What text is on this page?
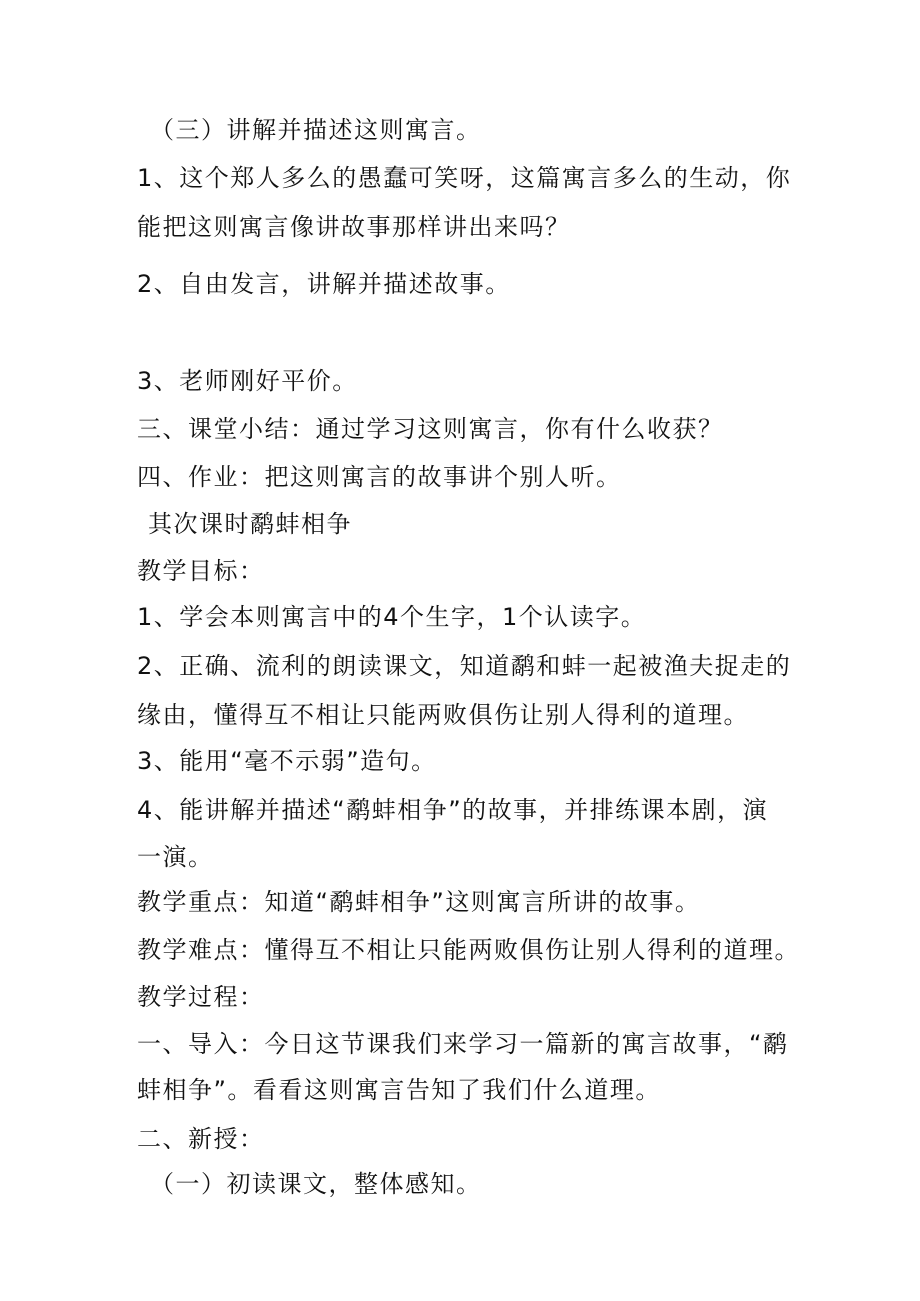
（三）讲解并描述这则寓言。
1、这个郑人多么的愚蠢可笑呀，这篇寓言多么的生动，你
能把这则寓言像讲故事那样讲出来吗？
2、自由发言，讲解并描述故事。
3、老师刚好平价。
三、课堂小结：通过学习这则寓言，你有什么收获？
四、作业：把这则寓言的故事讲个别人听。
其次课时鹬蚌相争
教学目标：
1、学会本则寓言中的4个生字，1个认读字。
2、正确、流利的朗读课文，知道鹬和蚌一起被渔夫捉走的
缘由，懂得互不相让只能两败俱伤让别人得利的道理。
3、能用“毫不示弱”造句。
4、能讲解并描述“鹬蚌相争”的故事，并排练课本剧，演
一演。
教学重点：知道“鹬蚌相争”这则寓言所讲的故事。
教学难点：懂得互不相让只能两败俱伤让别人得利的道理。
教学过程：
一、导入：今日这节课我们来学习一篇新的寓言故事，“鹬
蚌相争”。看看这则寓言告知了我们什么道理。
二、新授：
（一）初读课文，整体感知。
